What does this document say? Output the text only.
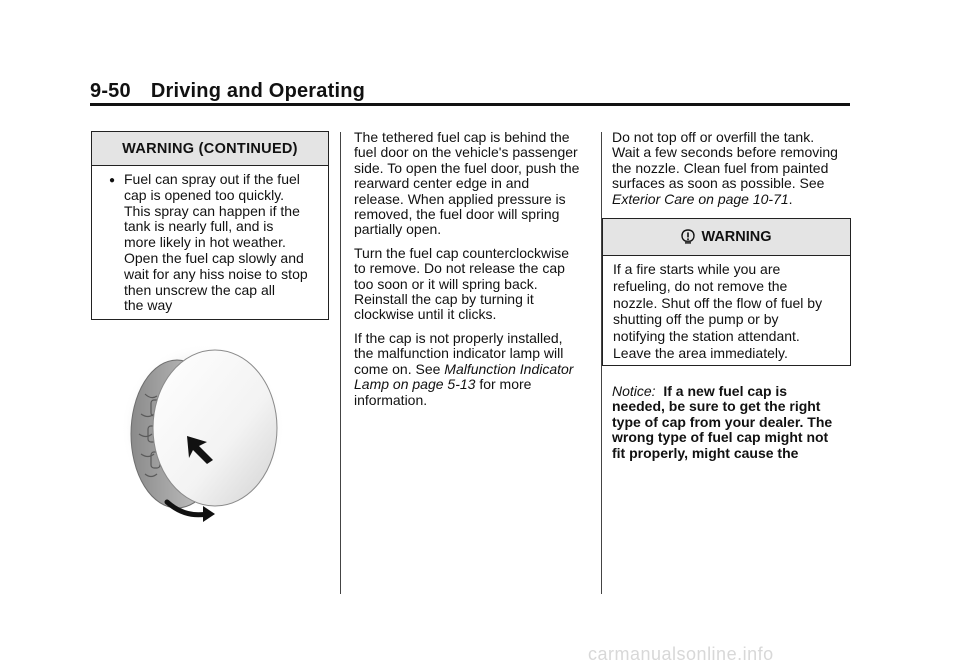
9-50 Driving and Operating
WARNING (CONTINUED)
● Fuel can spray out if the fuel
cap is opened too quickly.
This spray can happen if the
tank is nearly full, and is
more likely in hot weather.
Open the fuel cap slowly and
wait for any hiss noise to stop
then unscrew the cap all
the way

The tethered fuel cap is behind the
fuel door on the vehicle's passenger
side. To open the fuel door, push the
rearward center edge in and
release. When applied pressure is
removed, the fuel door will spring
partially open.

Turn the fuel cap counterclockwise
to remove. Do not release the cap
too soon or it will spring back.
Reinstall the cap by turning it
clockwise until it clicks.

If the cap is not properly installed,
the malfunction indicator lamp will
come on. See Malfunction Indicator
Lamp on page 5-13 for more
information.

Do not top off or overfill the tank.
Wait a few seconds before removing
the nozzle. Clean fuel from painted
surfaces as soon as possible. See
Exterior Care on page 10-71.

WARNING
If a fire starts while you are
refueling, do not remove the
nozzle. Shut off the flow of fuel by
shutting off the pump or by
notifying the station attendant.
Leave the area immediately.

Notice: If a new fuel cap is
needed, be sure to get the right
type of cap from your dealer. The
wrong type of fuel cap might not
fit properly, might cause the

carmanualsonline.info
